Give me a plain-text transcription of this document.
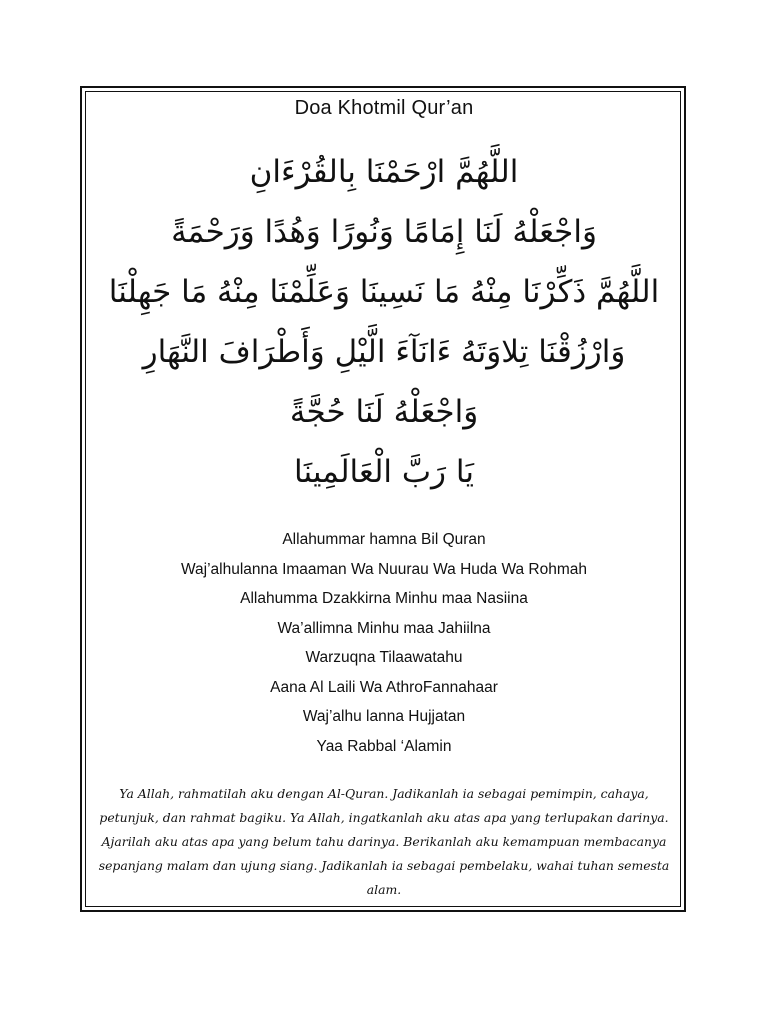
Doa Khotmil Qur’an
اللَّهُمَّ ارْحَمْنَا بِالقُرْءَانِ
وَاجْعَلْهُ لَنَا إِمَامًا وَنُورًا وَهُدًا وَرَحْمَةً
اللَّهُمَّ ذَكِّرْنَا مِنْهُ مَا نَسِينَا وَعَلِّمْنَا مِنْهُ مَا جَهِلْنَا
وَارْزُقْنَا تِلاوَتَهُ ءَانَآءَ الَّيْلِ وَأَطْرَافَ النَّهَارِ
وَاجْعَلْهُ لَنَا حُجَّةً
يَا رَبَّ الْعَالَمِينَا
Allahummar hamna Bil Quran
Waj’alhulanna Imaaman Wa Nuurau Wa Huda Wa Rohmah
Allahumma Dzakkirna Minhu maa Nasiina
Wa’allimna Minhu maa Jahiilna
Warzuqna Tilaawatahu
Aana Al Laili Wa AthroFannahaar
Waj’alhu lanna Hujjatan
Yaa Rabbal ‘Alamin
Ya Allah, rahmatilah aku dengan Al-Quran. Jadikanlah ia sebagai pemimpin, cahaya, petunjuk, dan rahmat bagiku. Ya Allah, ingatkanlah aku atas apa yang terlupakan darinya. Ajarilah aku atas apa yang belum tahu darinya. Berikanlah aku kemampuan membacanya sepanjang malam dan ujung siang. Jadikanlah ia sebagai pembelaku, wahai tuhan semesta alam.
